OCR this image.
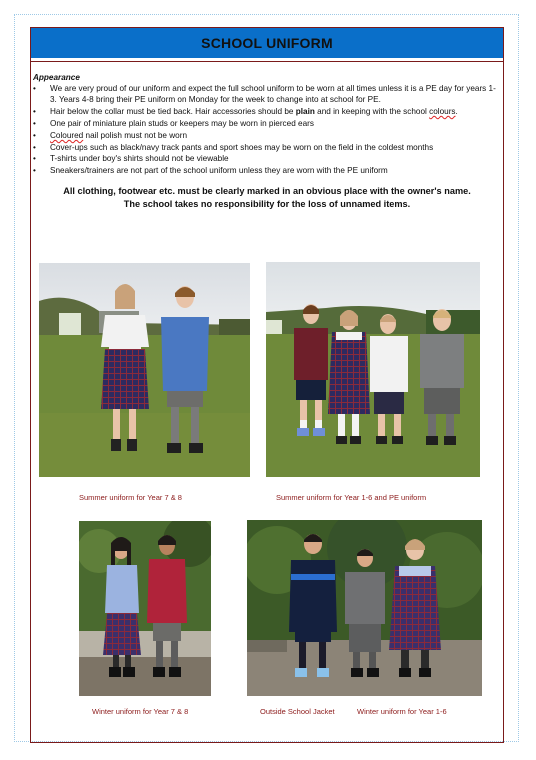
SCHOOL UNIFORM
Appearance
• We are very proud of our uniform and expect the full school uniform to be worn at all times unless it is a PE day for years 1-3. Years 4-8 bring their PE uniform on Monday for the week to change into at school for PE.
• Hair below the collar must be tied back. Hair accessories should be plain and in keeping with the school colours.
• One pair of miniature plain studs or keepers may be worn in pierced ears
• Coloured nail polish must not be worn
• Cover-ups such as black/navy track pants and sport shoes may be worn on the field in the coldest months
• T-shirts under boy's shirts should not be viewable
• Sneakers/trainers are not part of the school uniform unless they are worn with the PE uniform
All clothing, footwear etc. must be clearly marked in an obvious place with the owner's name.
The school takes no responsibility for the loss of unnamed items.
Summer uniform for Year 7 & 8	Summer uniform for Year 1-6 and PE uniform
Winter uniform for Year 7 & 8	Outside School Jacket	Winter uniform for Year 1-6
